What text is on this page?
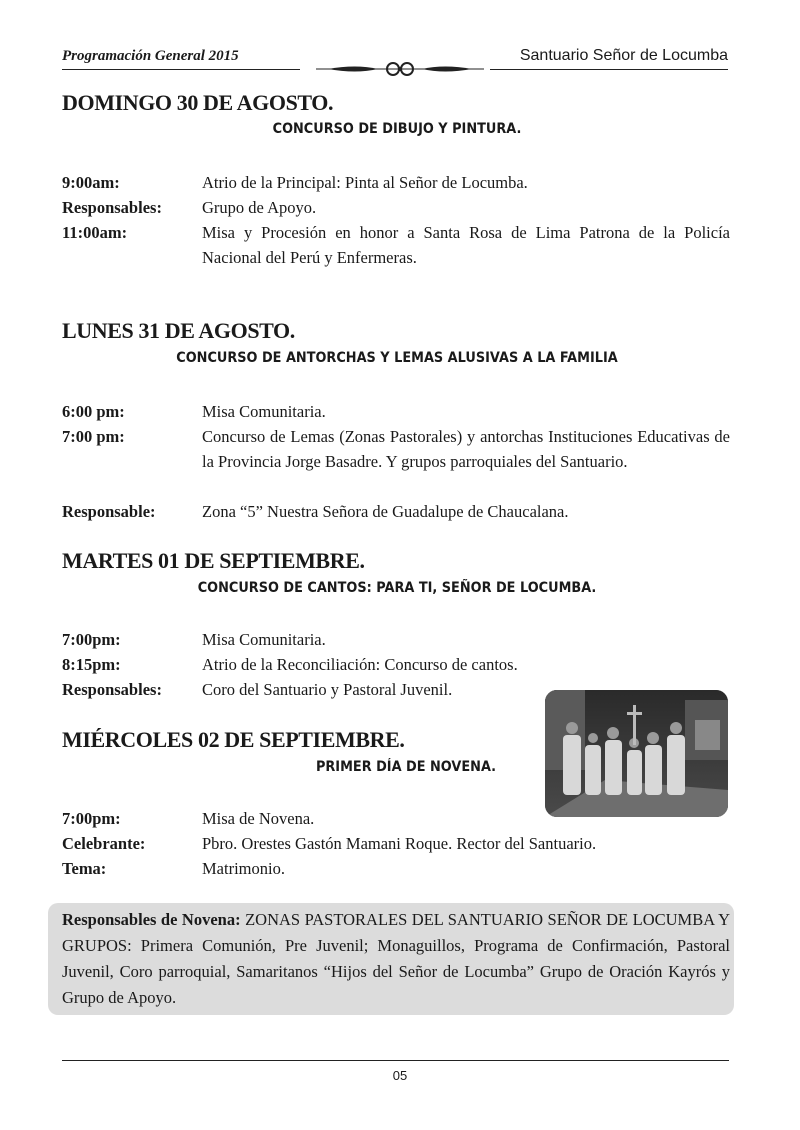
Programación General 2015	Santuario Señor de Locumba
DOMINGO 30 DE AGOSTO.
CONCURSO DE DIBUJO Y PINTURA.
9:00am:	Atrio de la Principal: Pinta al Señor de Locumba.
Responsables: Grupo de Apoyo.
11:00am:	Misa y Procesión en honor a Santa Rosa de Lima Patrona de la Policía Nacional del Perú y Enfermeras.
LUNES 31 DE AGOSTO.
CONCURSO DE ANTORCHAS Y LEMAS ALUSIVAS A LA FAMILIA
6:00 pm:	Misa Comunitaria.
7:00 pm:	Concurso de Lemas (Zonas Pastorales) y antorchas Instituciones Educativas de la Provincia Jorge Basadre. Y grupos parroquiales del Santuario.
Responsable:	Zona “5” Nuestra Señora de Guadalupe de Chaucalana.
MARTES 01 DE SEPTIEMBRE.
CONCURSO DE CANTOS: PARA TI, SEÑOR DE LOCUMBA.
7:00pm:	Misa Comunitaria.
8:15pm:	Atrio de la Reconciliación: Concurso de cantos.
Responsables: Coro del Santuario y Pastoral Juvenil.
MIÉRCOLES 02 DE SEPTIEMBRE.
PRIMER DÍA DE NOVENA.
7:00pm:	Misa de Novena.
Celebrante:	Pbro. Orestes Gastón Mamani Roque. Rector del Santuario.
Tema:	Matrimonio.
Responsables de Novena: ZONAS PASTORALES DEL SANTUARIO SEÑOR DE LOCUMBA Y GRUPOS: Primera Comunión, Pre Juvenil; Monaguillos, Programa de Confirmación, Pastoral Juvenil, Coro parroquial, Samaritanos “Hijos del Señor de Locumba” Grupo de Oración Kayrós y Grupo de Apoyo.
05
